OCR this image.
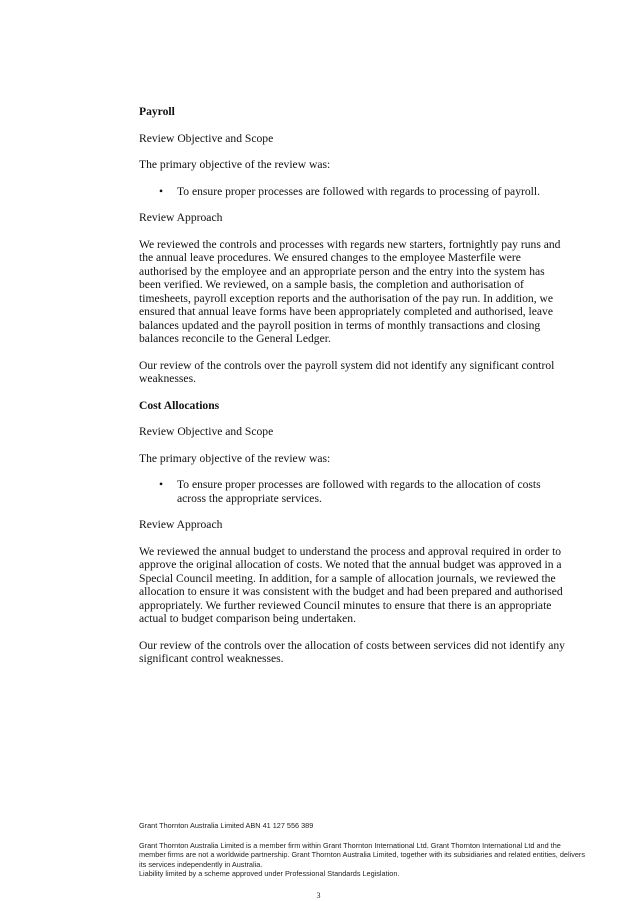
Payroll

Review Objective and Scope

The primary objective of the review was:

•	To ensure proper processes are followed with regards to processing of payroll.

Review Approach

We reviewed the controls and processes with regards new starters, fortnightly pay runs and the annual leave procedures. We ensured changes to the employee Masterfile were authorised by the employee and an appropriate person and the entry into the system has been verified. We reviewed, on a sample basis, the completion and authorisation of timesheets, payroll exception reports and the authorisation of the pay run. In addition, we ensured that annual leave forms have been appropriately completed and authorised, leave balances updated and the payroll position in terms of monthly transactions and closing balances reconcile to the General Ledger.

Our review of the controls over the payroll system did not identify any significant control weaknesses.

Cost Allocations

Review Objective and Scope

The primary objective of the review was:

•	To ensure proper processes are followed with regards to the allocation of costs across the appropriate services.

Review Approach

We reviewed the annual budget to understand the process and approval required in order to approve the original allocation of costs. We noted that the annual budget was approved in a Special Council meeting. In addition, for a sample of allocation journals, we reviewed the allocation to ensure it was consistent with the budget and had been prepared and authorised appropriately. We further reviewed Council minutes to ensure that there is an appropriate actual to budget comparison being undertaken.

Our review of the controls over the allocation of costs between services did not identify any significant control weaknesses.

Grant Thornton Australia Limited ABN 41 127 556 389

Grant Thornton Australia Limited is a member firm within Grant Thornton International Ltd. Grant Thornton International Ltd and the member firms are not a worldwide partnership. Grant Thornton Australia Limited, together with its subsidiaries and related entities, delivers its services independently in Australia.

Liability limited by a scheme approved under Professional Standards Legislation.

3
